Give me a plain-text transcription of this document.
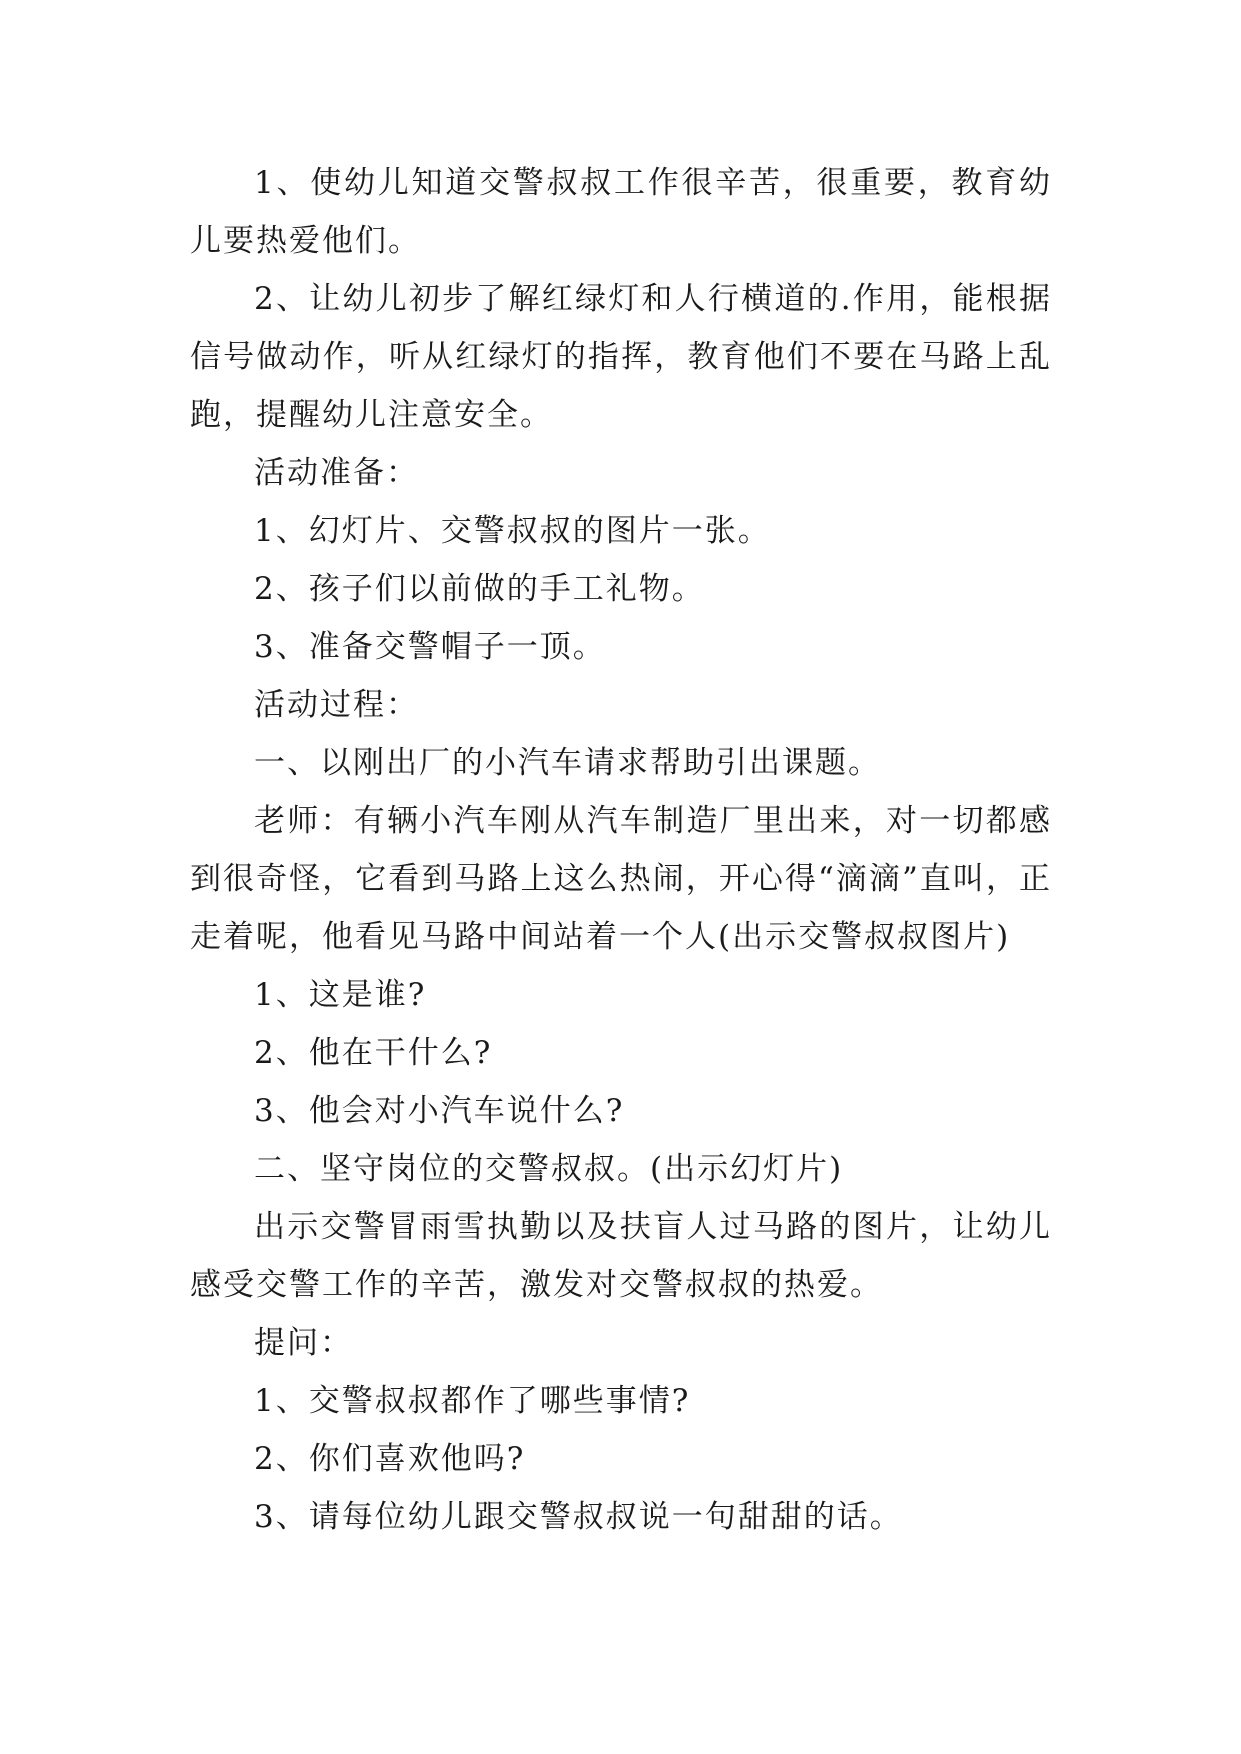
1、使幼儿知道交警叔叔工作很辛苦，很重要，教育幼儿要热爱他们。

2、让幼儿初步了解红绿灯和人行横道的.作用，能根据信号做动作，听从红绿灯的指挥，教育他们不要在马路上乱跑，提醒幼儿注意安全。

活动准备：

1、幻灯片、交警叔叔的图片一张。

2、孩子们以前做的手工礼物。

3、准备交警帽子一顶。

活动过程：

一、以刚出厂的小汽车请求帮助引出课题。

老师：有辆小汽车刚从汽车制造厂里出来，对一切都感到很奇怪，它看到马路上这么热闹，开心得“滴滴”直叫，正走着呢，他看见马路中间站着一个人(出示交警叔叔图片)

1、这是谁?

2、他在干什么?

3、他会对小汽车说什么?

二、坚守岗位的交警叔叔。(出示幻灯片)

出示交警冒雨雪执勤以及扶盲人过马路的图片，让幼儿感受交警工作的辛苦，激发对交警叔叔的热爱。

提问：

1、交警叔叔都作了哪些事情?

2、你们喜欢他吗?

3、请每位幼儿跟交警叔叔说一句甜甜的话。
